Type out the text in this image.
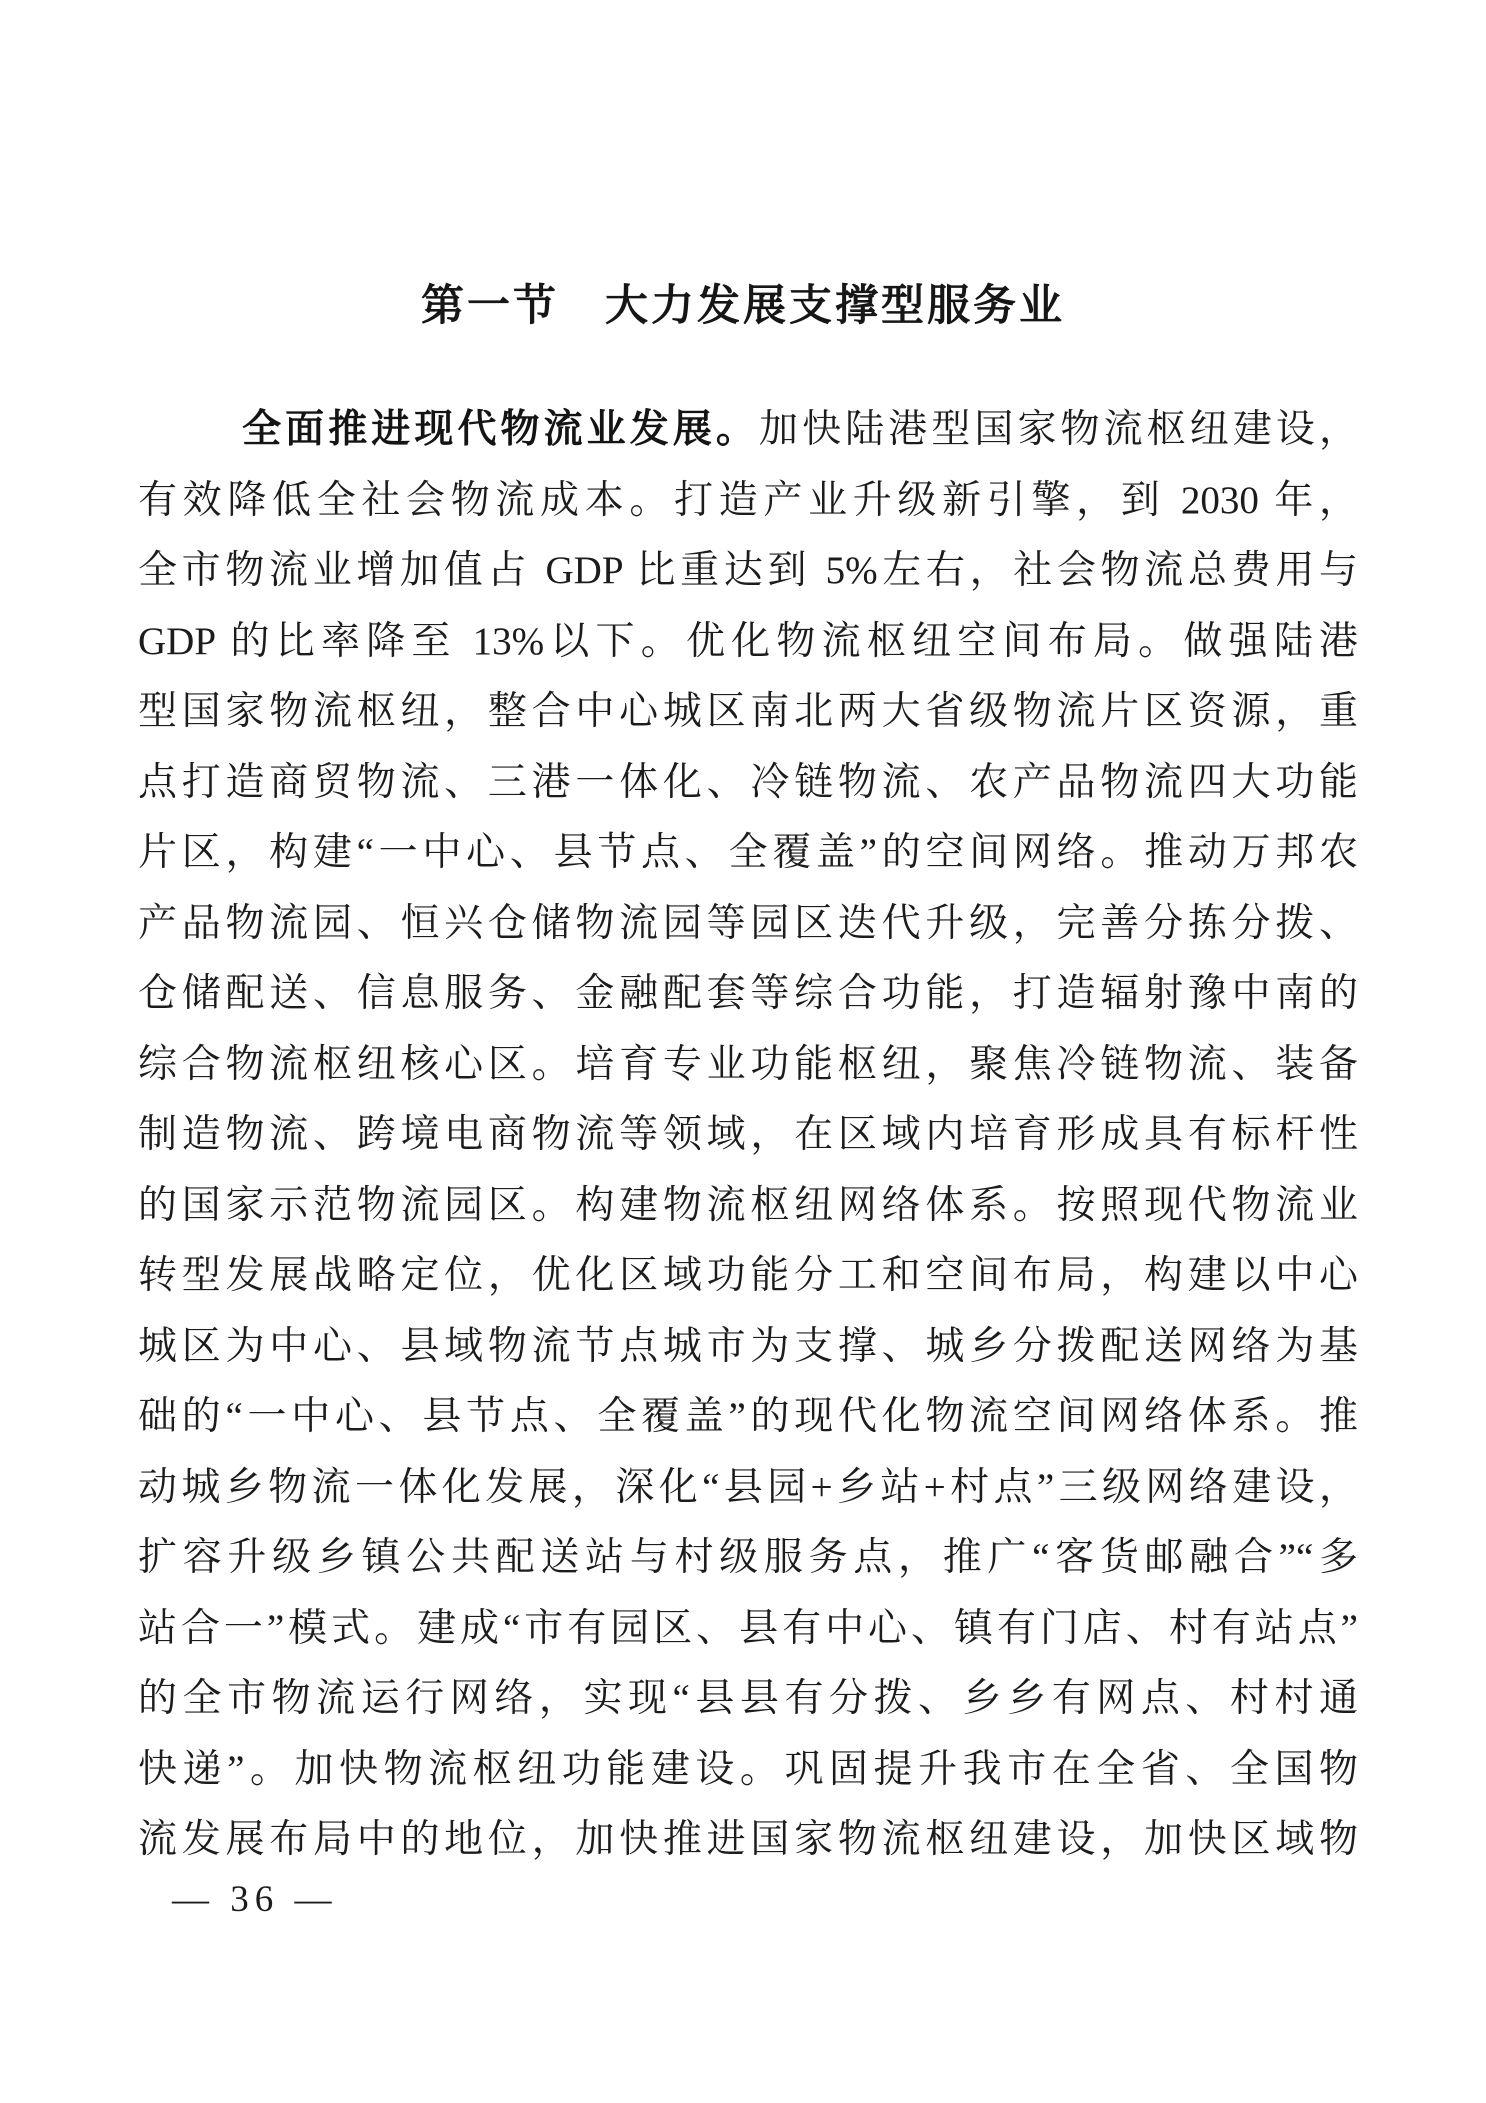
第一节　大力发展支撑型服务业
全面推进现代物流业发展。加快陆港型国家物流枢纽建设，
有效降低全社会物流成本。打造产业升级新引擎，到 2030 年，
全市物流业增加值占 GDP 比重达到 5%左右，社会物流总费用与
GDP 的比率降至 13%以下。优化物流枢纽空间布局。做强陆港
型国家物流枢纽，整合中心城区南北两大省级物流片区资源，重
点打造商贸物流、三港一体化、冷链物流、农产品物流四大功能
片区，构建“一中心、县节点、全覆盖”的空间网络。推动万邦农
产品物流园、恒兴仓储物流园等园区迭代升级，完善分拣分拨、
仓储配送、信息服务、金融配套等综合功能，打造辐射豫中南的
综合物流枢纽核心区。培育专业功能枢纽，聚焦冷链物流、装备
制造物流、跨境电商物流等领域，在区域内培育形成具有标杆性
的国家示范物流园区。构建物流枢纽网络体系。按照现代物流业
转型发展战略定位，优化区域功能分工和空间布局，构建以中心
城区为中心、县域物流节点城市为支撑、城乡分拨配送网络为基
础的“一中心、县节点、全覆盖”的现代化物流空间网络体系。推
动城乡物流一体化发展，深化“县园+乡站+村点”三级网络建设，
扩容升级乡镇公共配送站与村级服务点，推广“客货邮融合”“多
站合一”模式。建成“市有园区、县有中心、镇有门店、村有站点”
的全市物流运行网络，实现“县县有分拨、乡乡有网点、村村通
快递”。加快物流枢纽功能建设。巩固提升我市在全省、全国物
流发展布局中的地位，加快推进国家物流枢纽建设，加快区域物
— 36 —
